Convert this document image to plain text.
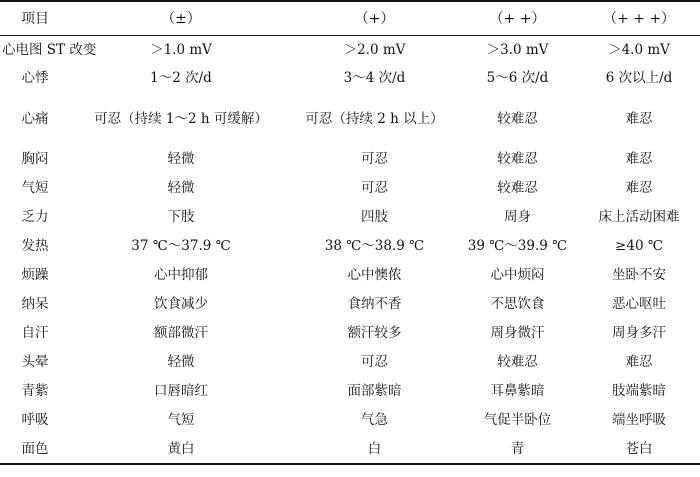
项目	（±）	（+）	（+ +）	（+ + +）
心电图 ST 改变	＞1.0 mV	＞2.0 mV	＞3.0 mV	＞4.0 mV
心悸	1～2 次/d	3～4 次/d	5～6 次/d	6 次以上/d
心痛	可忍（持续 1～2 h 可缓解）	可忍（持续 2 h 以上）	较难忍	难忍
胸闷	轻微	可忍	较难忍	难忍
气短	轻微	可忍	较难忍	难忍
乏力	下肢	四肢	周身	床上活动困难
发热	37 ℃～37.9 ℃	38 ℃～38.9 ℃	39 ℃～39.9 ℃	≥40 ℃
烦躁	心中抑郁	心中懊侬	心中烦闷	坐卧不安
纳呆	饮食减少	食纳不香	不思饮食	恶心呕吐
自汗	额部微汗	额汗较多	周身微汗	周身多汗
头晕	轻微	可忍	较难忍	难忍
青紫	口唇暗红	面部紫暗	耳鼻紫暗	肢端紫暗
呼吸	气短	气急	气促半卧位	端坐呼吸
面色	黄白	白	青	苍白
